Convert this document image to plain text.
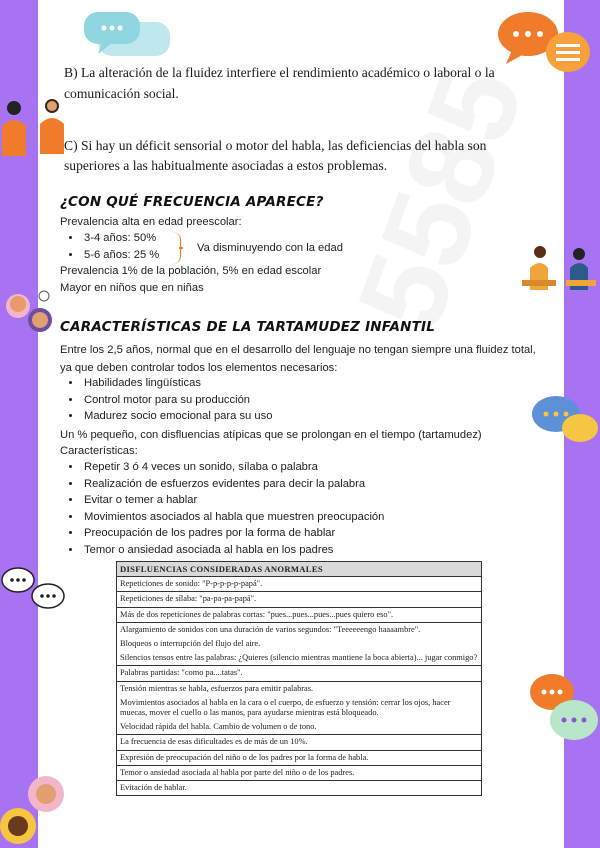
B) La alteración de la fluidez interfiere el rendimiento académico o laboral o la comunicación social.
C) Si hay un déficit sensorial o motor del habla, las deficiencias del habla son superiores a las habitualmente asociadas a estos problemas.
¿CON QUÉ FRECUENCIA APARECE?
Prevalencia alta en edad preescolar:
• 3-4 años: 50%
• 5-6 años: 25 %
Va disminuyendo con la edad
Prevalencia 1% de la población, 5% en edad escolar
Mayor en niños que en niñas
CARACTERÍSTICAS DE LA TARTAMUDEZ INFANTIL
Entre los 2,5 años, normal que en el desarrollo del lenguaje no tengan siempre una fluidez total, ya que deben controlar todos los elementos necesarios:
• Habilidades lingüísticas
• Control motor para su producción
• Madurez socio emocional para su uso
Un % pequeño, con disfluencias atípicas que se prolongan en el tiempo (tartamudez)
Características:
• Repetir 3 ó 4 veces un sonido, sílaba o palabra
• Realización de esfuerzos evidentes para decir la palabra
• Evitar o temer a hablar
• Movimientos asociados al habla que muestren preocupación
• Preocupación de los padres por la forma de hablar
• Temor o ansiedad asociada al habla en los padres
DISFLUENCIAS CONSIDERADAS ANORMALES
Repeticiones de sonido: "P-p-p-p-p-papá".
Repeticiones de sílaba: "pa-pa-pa-papá".
Más de dos repeticiones de palabras cortas: "pues...pues...pues...pues quiero eso".
Alargamiento de sonidos con una duración de varios segundos: "Teeeeeengo haaaambre".
Bloqueos o interrupción del flujo del aire.
Silencios tensos entre las palabras: ¿Quieres (silencio mientras mantiene la boca abierta)... jugar conmigo?
Palabras partidas: "como pa....tatas".
Tensión mientras se habla, esfuerzos para emitir palabras.
Movimientos asociados al habla en la cara o el cuerpo, de esfuerzo y tensión: cerrar los ojos, hacer muecas, mover el cuello o las manos, para ayudarse mientras está bloqueado.
Velocidad rápida del habla. Cambio de volumen o de tono.
La frecuencia de esas dificultades es de más de un 10%.
Expresión de preocupación del niño o de los padres por la forma de habla.
Temor o ansiedad asociada al habla por parte del niño o de los padres.
Evitación de hablar.
